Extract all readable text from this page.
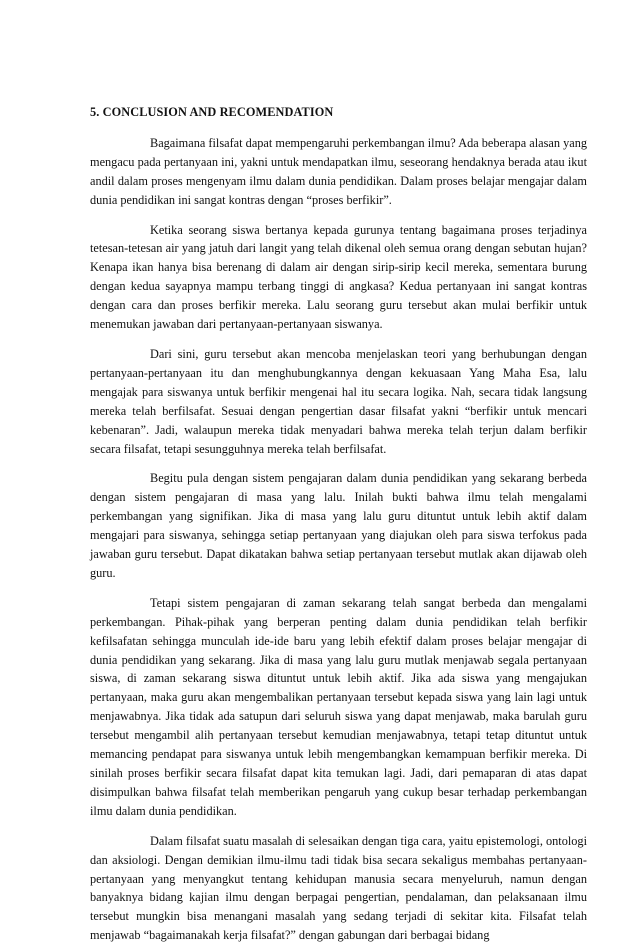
5. CONCLUSION AND RECOMENDATION

Bagaimana filsafat dapat mempengaruhi perkembangan ilmu? Ada beberapa alasan yang mengacu pada pertanyaan ini, yakni untuk mendapatkan ilmu, seseorang hendaknya berada atau ikut andil dalam proses mengenyam ilmu dalam dunia pendidikan. Dalam proses belajar mengajar dalam dunia pendidikan ini sangat kontras dengan “proses berfikir”.

Ketika seorang siswa bertanya kepada gurunya tentang bagaimana proses terjadinya tetesan-tetesan air yang jatuh dari langit yang telah dikenal oleh semua orang dengan sebutan hujan? Kenapa ikan hanya bisa berenang di dalam air dengan sirip-sirip kecil mereka, sementara burung dengan kedua sayapnya mampu terbang tinggi di angkasa? Kedua pertanyaan ini sangat kontras dengan cara dan proses berfikir mereka. Lalu seorang guru tersebut akan mulai berfikir untuk menemukan jawaban dari pertanyaan-pertanyaan siswanya.

Dari sini, guru tersebut akan mencoba menjelaskan teori yang berhubungan dengan pertanyaan-pertanyaan itu dan menghubungkannya dengan kekuasaan Yang Maha Esa, lalu mengajak para siswanya untuk berfikir mengenai hal itu secara logika. Nah, secara tidak langsung mereka telah berfilsafat. Sesuai dengan pengertian dasar filsafat yakni “berfikir untuk mencari kebenaran”. Jadi, walaupun mereka tidak menyadari bahwa mereka telah terjun dalam berfikir secara filsafat, tetapi sesungguhnya mereka telah berfilsafat.

Begitu pula dengan sistem pengajaran dalam dunia pendidikan yang sekarang berbeda dengan sistem pengajaran di masa yang lalu. Inilah bukti bahwa ilmu telah mengalami perkembangan yang signifikan. Jika di masa yang lalu guru dituntut untuk lebih aktif dalam mengajari para siswanya, sehingga setiap pertanyaan yang diajukan oleh para siswa terfokus pada jawaban guru tersebut. Dapat dikatakan bahwa setiap pertanyaan tersebut mutlak akan dijawab oleh guru.

Tetapi sistem pengajaran di zaman sekarang telah sangat berbeda dan mengalami perkembangan. Pihak-pihak yang berperan penting dalam dunia pendidikan telah berfikir kefilsafatan sehingga munculah ide-ide baru yang lebih efektif dalam proses belajar mengajar di dunia pendidikan yang sekarang. Jika di masa yang lalu guru mutlak menjawab segala pertanyaan siswa, di zaman sekarang siswa dituntut untuk lebih aktif. Jika ada siswa yang mengajukan pertanyaan, maka guru akan mengembalikan pertanyaan tersebut kepada siswa yang lain lagi untuk menjawabnya. Jika tidak ada satupun dari seluruh siswa yang dapat menjawab, maka barulah guru tersebut mengambil alih pertanyaan tersebut kemudian menjawabnya, tetapi tetap dituntut untuk memancing pendapat para siswanya untuk lebih mengembangkan kemampuan berfikir mereka. Di sinilah proses berfikir secara filsafat dapat kita temukan lagi. Jadi, dari pemaparan di atas dapat disimpulkan bahwa filsafat telah memberikan pengaruh yang cukup besar terhadap perkembangan ilmu dalam dunia pendidikan.

Dalam filsafat suatu masalah di selesaikan dengan tiga cara, yaitu epistemologi, ontologi dan aksiologi. Dengan demikian ilmu-ilmu tadi tidak bisa secara sekaligus membahas pertanyaan-pertanyaan yang menyangkut tentang kehidupan manusia secara menyeluruh, namun dengan banyaknya bidang kajian ilmu dengan berpagai pengertian, pendalaman, dan pelaksanaan ilmu tersebut mungkin bisa menangani masalah yang sedang terjadi di sekitar kita. Filsafat telah menjawab “bagaimanakah kerja filsafat?” dengan gabungan dari berbagai bidang
